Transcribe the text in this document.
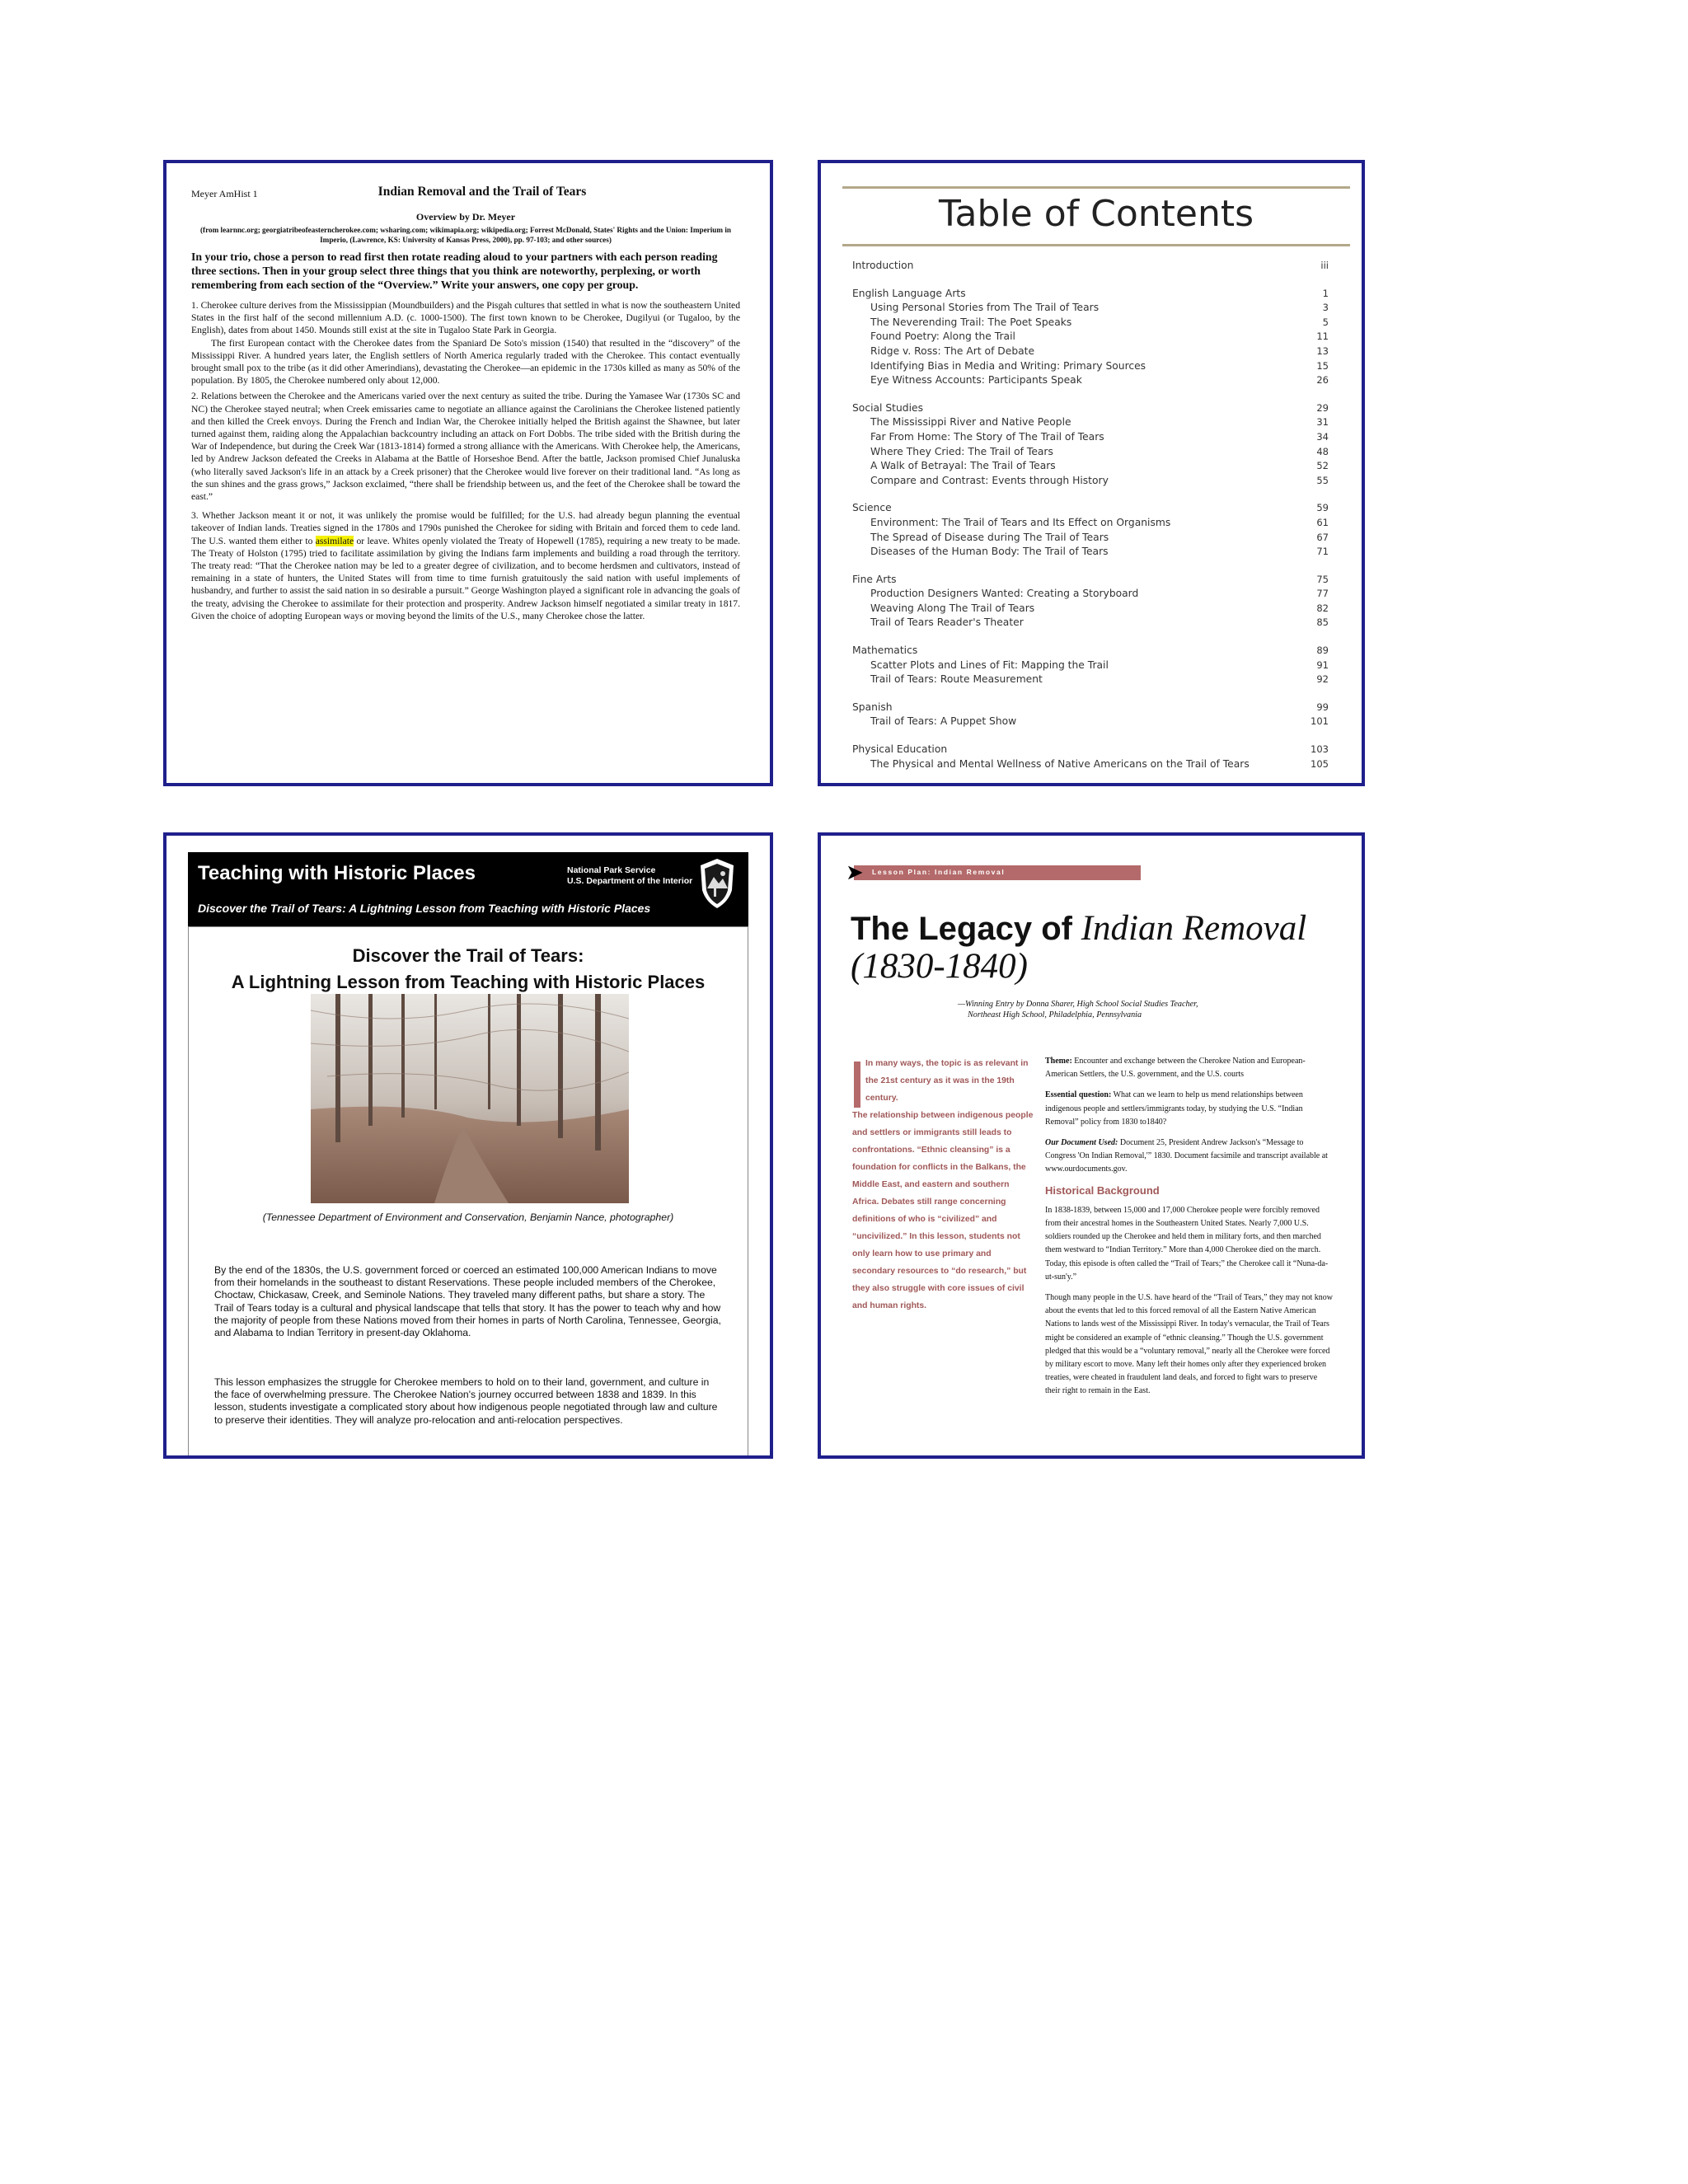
Meyer AmHist 1	Indian Removal and the Trail of Tears
Overview by Dr. Meyer
(from learnnc.org; georgiatribeofeasterncherokee.com; wsharing.com; wikimapia.org; wikipedia.org; Forrest McDonald, States' Rights and the Union: Imperium in Imperio, (Lawrence, KS: University of Kansas Press, 2000), pp. 97-103; and other sources)
In your trio, chose a person to read first then rotate reading aloud to your partners with each person reading three sections. Then in your group select three things that you think are noteworthy, perplexing, or worth remembering from each section of the “Overview.” Write your answers, one copy per group.
1. Cherokee culture derives from the Mississippian (Moundbuilders) and the Pisgah cultures that settled in what is now the southeastern United States in the first half of the second millennium A.D. (c. 1000-1500). The first town known to be Cherokee, Dugilyui (or Tugaloo, by the English), dates from about 1450. Mounds still exist at the site in Tugaloo State Park in Georgia.
The first European contact with the Cherokee dates from the Spaniard De Soto's mission (1540) that resulted in the “discovery” of the Mississippi River. A hundred years later, the English settlers of North America regularly traded with the Cherokee. This contact eventually brought small pox to the tribe (as it did other Amerindians), devastating the Cherokee—an epidemic in the 1730s killed as many as 50% of the population. By 1805, the Cherokee numbered only about 12,000.
2. Relations between the Cherokee and the Americans varied over the next century as suited the tribe. During the Yamasee War (1730s SC and NC) the Cherokee stayed neutral; when Creek emissaries came to negotiate an alliance against the Carolinians the Cherokee listened patiently and then killed the Creek envoys. During the French and Indian War, the Cherokee initially helped the British against the Shawnee, but later turned against them, raiding along the Appalachian backcountry including an attack on Fort Dobbs. The tribe sided with the British during the War of Independence, but during the Creek War (1813-1814) formed a strong alliance with the Americans. With Cherokee help, the Americans, led by Andrew Jackson defeated the Creeks in Alabama at the Battle of Horseshoe Bend. After the battle, Jackson promised Chief Junaluska (who literally saved Jackson's life in an attack by a Creek prisoner) that the Cherokee would live forever on their traditional land. “As long as the sun shines and the grass grows,” Jackson exclaimed, “there shall be friendship between us, and the feet of the Cherokee shall be toward the east.”
3. Whether Jackson meant it or not, it was unlikely the promise would be fulfilled; for the U.S. had already begun planning the eventual takeover of Indian lands. Treaties signed in the 1780s and 1790s punished the Cherokee for siding with Britain and forced them to cede land. The U.S. wanted them either to assimilate or leave. Whites openly violated the Treaty of Hopewell (1785), requiring a new treaty to be made. The Treaty of Holston (1795) tried to facilitate assimilation by giving the Indians farm implements and building a road through the territory. The treaty read: “That the Cherokee nation may be led to a greater degree of civilization, and to become herdsmen and cultivators, instead of remaining in a state of hunters, the United States will from time to time furnish gratuitously the said nation with useful implements of husbandry, and further to assist the said nation in so desirable a pursuit.” George Washington played a significant role in advancing the goals of the treaty, advising the Cherokee to assimilate for their protection and prosperity. Andrew Jackson himself negotiated a similar treaty in 1817. Given the choice of adopting European ways or moving beyond the limits of the U.S., many Cherokee chose the latter.
Table of Contents
Introduction	iii
English Language Arts	1
Using Personal Stories from The Trail of Tears	3
The Neverending Trail: The Poet Speaks	5
Found Poetry: Along the Trail	11
Ridge v. Ross: The Art of Debate	13
Identifying Bias in Media and Writing: Primary Sources	15
Eye Witness Accounts: Participants Speak	26
Social Studies	29
The Mississippi River and Native People	31
Far From Home: The Story of The Trail of Tears	34
Where They Cried: The Trail of Tears	48
A Walk of Betrayal: The Trail of Tears	52
Compare and Contrast: Events through History	55
Science	59
Environment: The Trail of Tears and Its Effect on Organisms	61
The Spread of Disease during The Trail of Tears	67
Diseases of the Human Body: The Trail of Tears	71
Fine Arts	75
Production Designers Wanted: Creating a Storyboard	77
Weaving Along The Trail of Tears	82
Trail of Tears Reader's Theater	85
Mathematics	89
Scatter Plots and Lines of Fit: Mapping the Trail	91
Trail of Tears: Route Measurement	92
Spanish	99
Trail of Tears: A Puppet Show	101
Physical Education	103
The Physical and Mental Wellness of Native Americans on the Trail of Tears	105
Teaching with Historic Places	National Park Service
U.S. Department of the Interior
Discover the Trail of Tears: A Lightning Lesson from Teaching with Historic Places
Discover the Trail of Tears:
A Lightning Lesson from Teaching with Historic Places
(Tennessee Department of Environment and Conservation, Benjamin Nance, photographer)
By the end of the 1830s, the U.S. government forced or coerced an estimated 100,000 American Indians to move from their homelands in the southeast to distant Reservations. These people included members of the Cherokee, Choctaw, Chickasaw, Creek, and Seminole Nations. They traveled many different paths, but share a story. The Trail of Tears today is a cultural and physical landscape that tells that story. It has the power to teach why and how the majority of people from these Nations moved from their homes in parts of North Carolina, Tennessee, Georgia, and Alabama to Indian Territory in present-day Oklahoma.
This lesson emphasizes the struggle for Cherokee members to hold on to their land, government, and culture in the face of overwhelming pressure. The Cherokee Nation's journey occurred between 1838 and 1839. In this lesson, students investigate a complicated story about how indigenous people negotiated through law and culture to preserve their identities. They will analyze pro-relocation and anti-relocation perspectives.
➤ Lesson Plan: Indian Removal
The Legacy of Indian Removal
(1830-1840)
—Winning Entry by Donna Sharer, High School Social Studies Teacher,
Northeast High School, Philadelphia, Pennsylvania
In many ways, the topic is as relevant in the 21st century as it was in the 19th century.
The relationship between indigenous people and settlers or immigrants still leads to confrontations. “Ethnic cleansing” is a foundation for conflicts in the Balkans, the Middle East, and eastern and southern Africa. Debates still range concerning definitions of who is “civilized” and “uncivilized.” In this lesson, students not only learn how to use primary and secondary resources to “do research,” but they also struggle with core issues of civil and human rights.

Theme: Encounter and exchange between the Cherokee Nation and European-American Settlers, the U.S. government, and the U.S. courts

Essential question: What can we learn to help us mend relationships between indigenous people and settlers/immigrants today, by studying the U.S. “Indian Removal” policy from 1830 to1840?

Our Document Used: Document 25, President Andrew Jackson's “Message to Congress 'On Indian Removal,'” 1830. Document facsimile and transcript available at www.ourdocuments.gov.

Historical Background

In 1838-1839, between 15,000 and 17,000 Cherokee people were forcibly removed from their ancestral homes in the Southeastern United States. Nearly 7,000 U.S. soldiers rounded up the Cherokee and held them in military forts, and then marched them westward to “Indian Territory.” More than 4,000 Cherokee died on the march. Today, this episode is often called the “Trail of Tears;” the Cherokee call it “Nuna-da-ut-sun'y.”

Though many people in the U.S. have heard of the “Trail of Tears,” they may not know about the events that led to this forced removal of all the Eastern Native American Nations to lands west of the Mississippi River. In today's vernacular, the Trail of Tears might be considered an example of “ethnic cleansing.” Though the U.S. government pledged that this would be a “voluntary removal,” nearly all the Cherokee were forced by military escort to move. Many left their homes only after they experienced broken treaties, were cheated in fraudulent land deals, and forced to fight wars to preserve their right to remain in the East.
